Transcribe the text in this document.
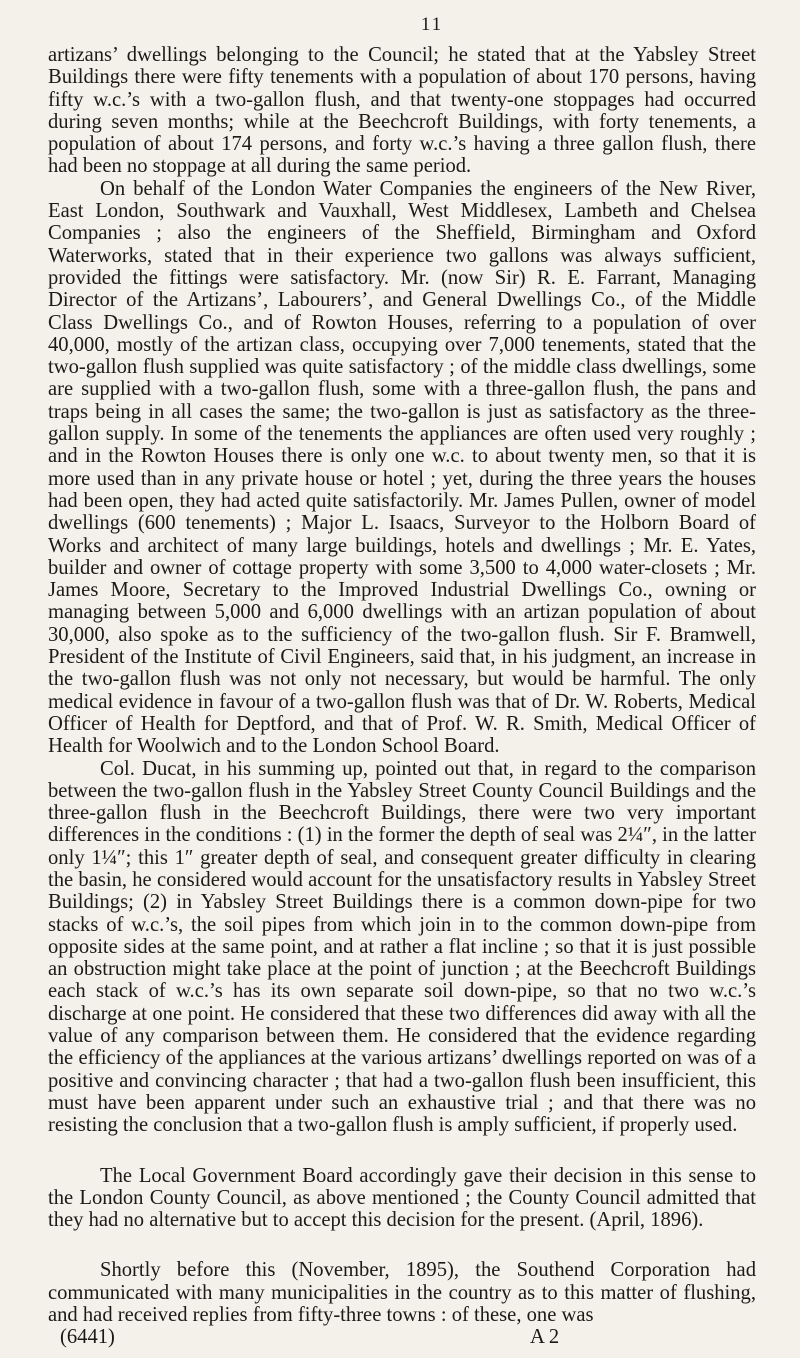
11

artizans’ dwellings belonging to the Council; he stated that at the Yabsley Street Buildings there were fifty tenements with a population of about 170 persons, having fifty w.c.’s with a two-gallon flush, and that twenty-one stoppages had occurred during seven months; while at the Beechcroft Buildings, with forty tenements, a population of about 174 persons, and forty w.c.’s having a three gallon flush, there had been no stoppage at all during the same period.

On behalf of the London Water Companies the engineers of the New River, East London, Southwark and Vauxhall, West Middlesex, Lambeth and Chelsea Companies ; also the engineers of the Sheffield, Birmingham and Oxford Waterworks, stated that in their experience two gallons was always sufficient, provided the fittings were satisfactory. Mr. (now Sir) R. E. Farrant, Managing Director of the Artizans’, Labourers’, and General Dwellings Co., of the Middle Class Dwellings Co., and of Rowton Houses, referring to a population of over 40,000, mostly of the artizan class, occupying over 7,000 tenements, stated that the two-gallon flush supplied was quite satisfactory ; of the middle class dwellings, some are supplied with a two-gallon flush, some with a three-gallon flush, the pans and traps being in all cases the same; the two-gallon is just as satisfactory as the three-gallon supply. In some of the tenements the appliances are often used very roughly ; and in the Rowton Houses there is only one w.c. to about twenty men, so that it is more used than in any private house or hotel ; yet, during the three years the houses had been open, they had acted quite satisfactorily. Mr. James Pullen, owner of model dwellings (600 tenements) ; Major L. Isaacs, Surveyor to the Holborn Board of Works and architect of many large buildings, hotels and dwellings ; Mr. E. Yates, builder and owner of cottage property with some 3,500 to 4,000 water-closets ; Mr. James Moore, Secretary to the Improved Industrial Dwellings Co., owning or managing between 5,000 and 6,000 dwellings with an artizan population of about 30,000, also spoke as to the sufficiency of the two-gallon flush. Sir F. Bramwell, President of the Institute of Civil Engineers, said that, in his judgment, an increase in the two-gallon flush was not only not necessary, but would be harmful. The only medical evidence in favour of a two-gallon flush was that of Dr. W. Roberts, Medical Officer of Health for Deptford, and that of Prof. W. R. Smith, Medical Officer of Health for Woolwich and to the London School Board.

Col. Ducat, in his summing up, pointed out that, in regard to the comparison between the two-gallon flush in the Yabsley Street County Council Buildings and the three-gallon flush in the Beechcroft Buildings, there were two very important differences in the conditions : (1) in the former the depth of seal was 2¼″, in the latter only 1¼″; this 1″ greater depth of seal, and consequent greater difficulty in clearing the basin, he considered would account for the unsatisfactory results in Yabsley Street Buildings; (2) in Yabsley Street Buildings there is a common down-pipe for two stacks of w.c.’s, the soil pipes from which join in to the common down-pipe from opposite sides at the same point, and at rather a flat incline ; so that it is just possible an obstruction might take place at the point of junction ; at the Beechcroft Buildings each stack of w.c.’s has its own separate soil down-pipe, so that no two w.c.’s discharge at one point. He considered that these two differences did away with all the value of any comparison between them. He considered that the evidence regarding the efficiency of the appliances at the various artizans’ dwellings reported on was of a positive and convincing character ; that had a two-gallon flush been insufficient, this must have been apparent under such an exhaustive trial ; and that there was no resisting the conclusion that a two-gallon flush is amply sufficient, if properly used.

The Local Government Board accordingly gave their decision in this sense to the London County Council, as above mentioned ; the County Council admitted that they had no alternative but to accept this decision for the present. (April, 1896).

Shortly before this (November, 1895), the Southend Corporation had communicated with many municipalities in the country as to this matter of flushing, and had received replies from fifty-three towns : of these, one was

(6441)	A 2
